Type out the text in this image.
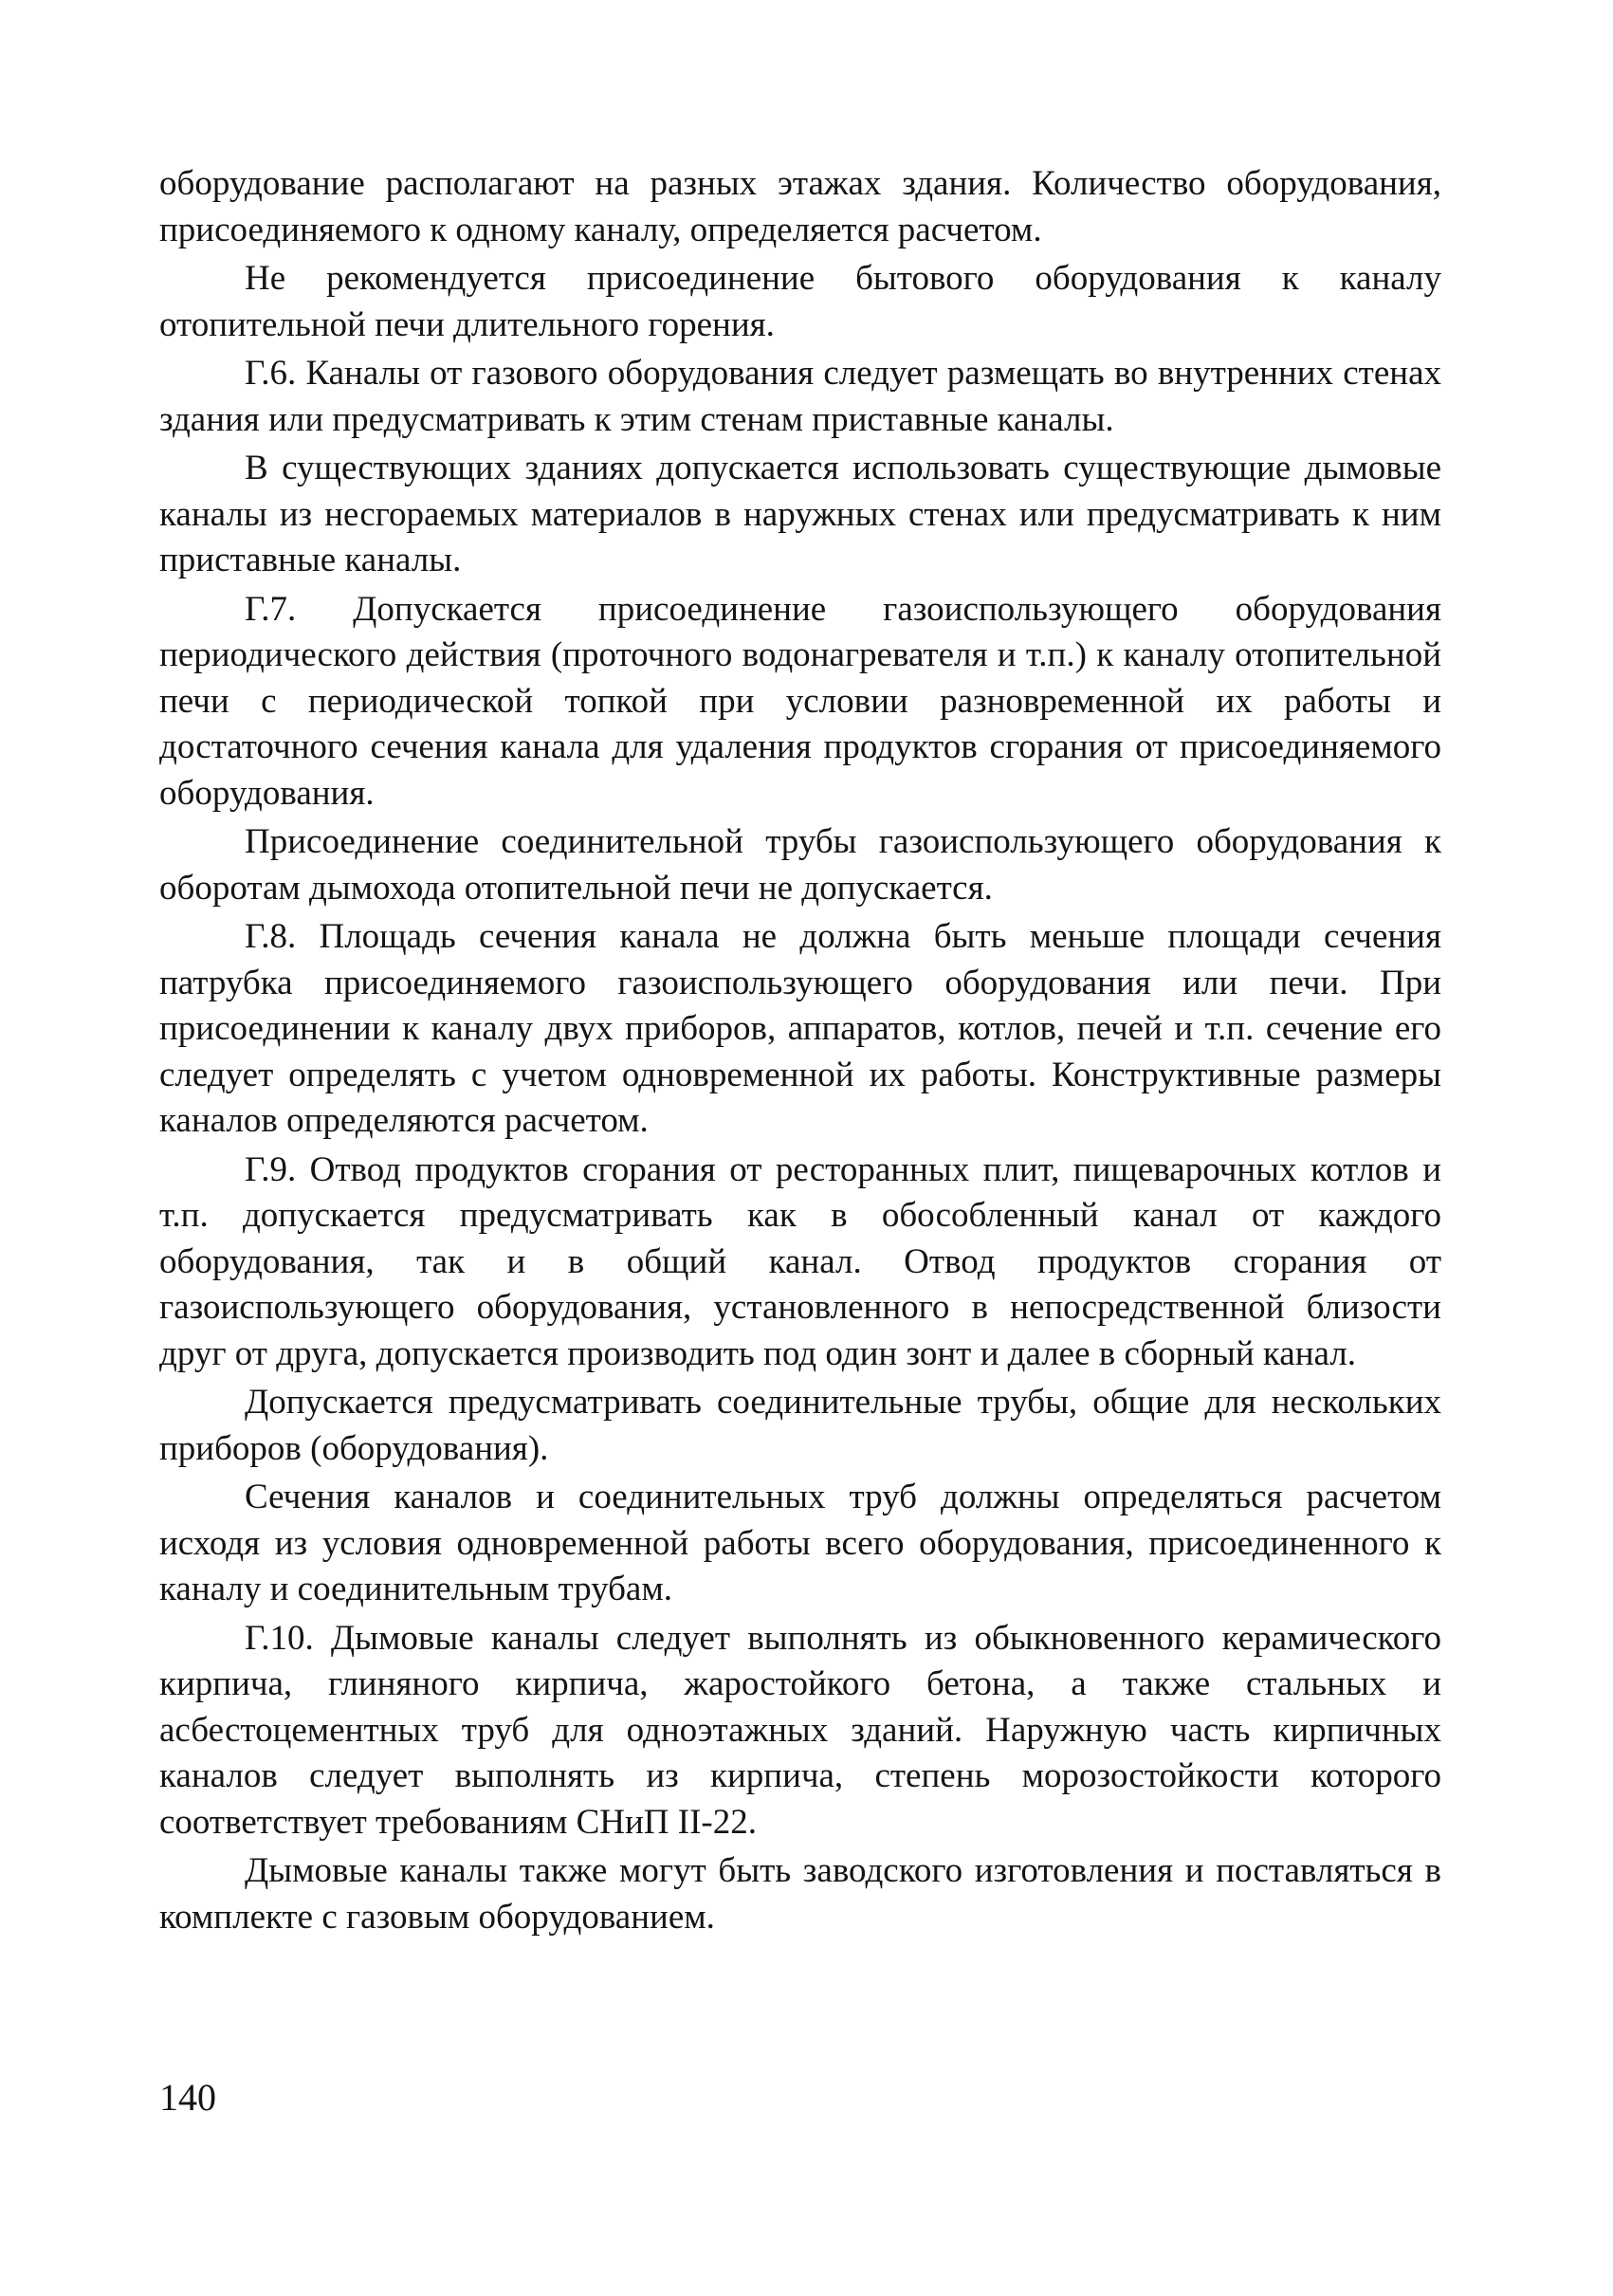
оборудование располагают на разных этажах здания. Количество оборудования, присоединяемого к одному каналу, определяется расчетом.

Не рекомендуется присоединение бытового оборудования к каналу отопительной печи длительного горения.

Г.6. Каналы от газового оборудования следует размещать во внутренних стенах здания или предусматривать к этим стенам приставные каналы.

В существующих зданиях допускается использовать существующие дымовые каналы из несгораемых материалов в наружных стенах или предусматривать к ним приставные каналы.

Г.7. Допускается присоединение газоиспользующего оборудования периодического действия (проточного водонагревателя и т.п.) к каналу отопительной печи с периодической топкой при условии разновременной их работы и достаточного сечения канала для удаления продуктов сгорания от присоединяемого оборудования.

Присоединение соединительной трубы газоиспользующего оборудования к оборотам дымохода отопительной печи не допускается.

Г.8. Площадь сечения канала не должна быть меньше площади сечения патрубка присоединяемого газоиспользующего оборудования или печи. При присоединении к каналу двух приборов, аппаратов, котлов, печей и т.п. сечение его следует определять с учетом одновременной их работы. Конструктивные размеры каналов определяются расчетом.

Г.9. Отвод продуктов сгорания от ресторанных плит, пищеварочных котлов и т.п. допускается предусматривать как в обособленный канал от каждого оборудования, так и в общий канал. Отвод продуктов сгорания от газоиспользующего оборудования, установленного в непосредственной близости друг от друга, допускается производить под один зонт и далее в сборный канал.

Допускается предусматривать соединительные трубы, общие для нескольких приборов (оборудования).

Сечения каналов и соединительных труб должны определяться расчетом исходя из условия одновременной работы всего оборудования, присоединенного к каналу и соединительным трубам.

Г.10. Дымовые каналы следует выполнять из обыкновенного керамического кирпича, глиняного кирпича, жаростойкого бетона, а также стальных и асбестоцементных труб для одноэтажных зданий. Наружную часть кирпичных каналов следует выполнять из кирпича, степень морозостойкости которого соответствует требованиям СНиП II-22.

Дымовые каналы также могут быть заводского изготовления и поставляться в комплекте с газовым оборудованием.

140
